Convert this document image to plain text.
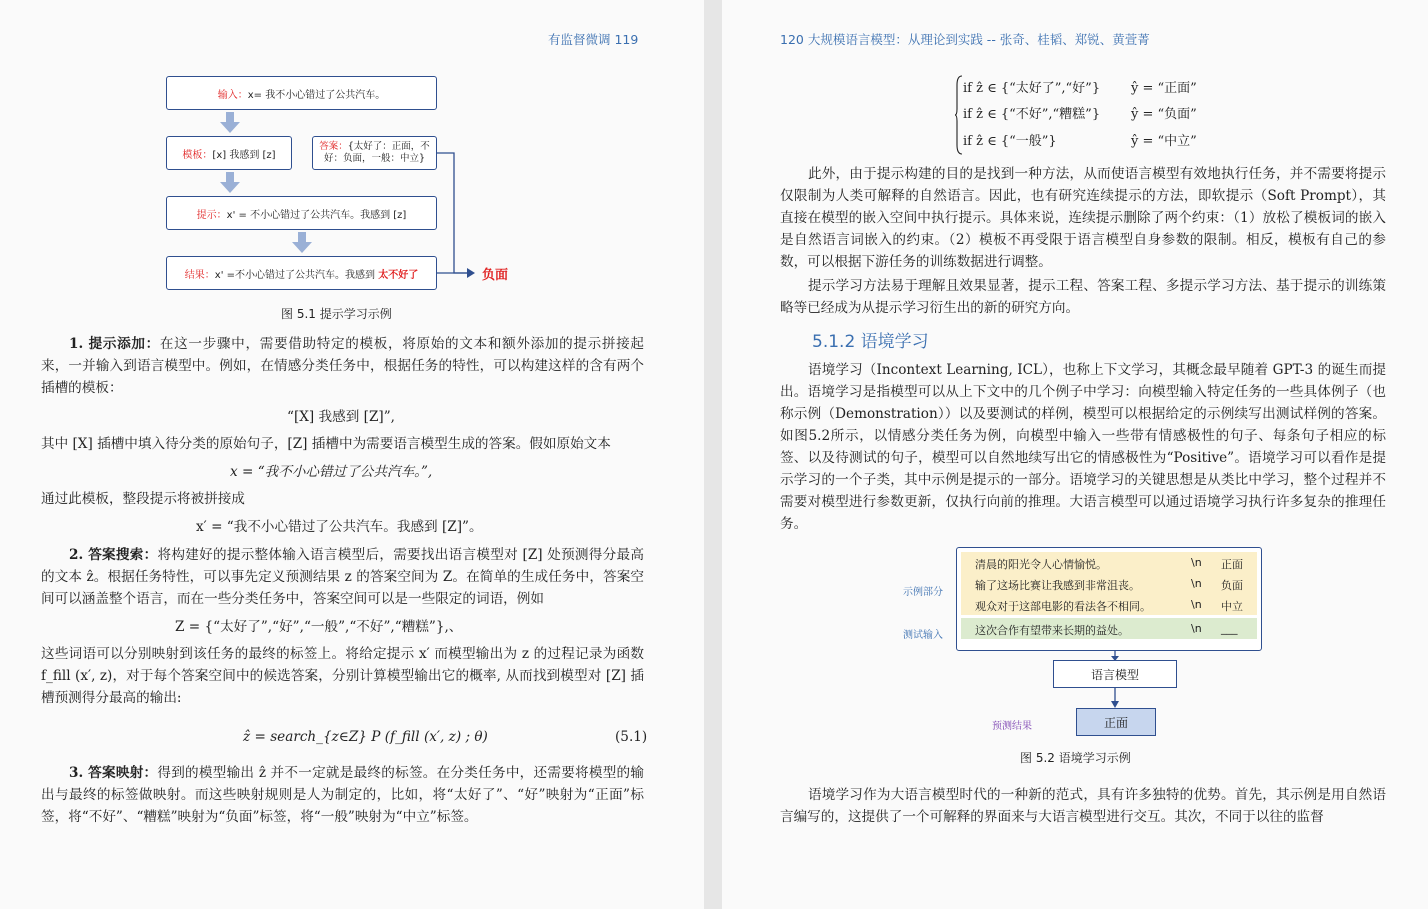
有监督微调 119
输入： x= 我不小心错过了公共汽车。
模板： [x] 我感到 [z]
答案：{太好了：正面，不好：负面，一般：中立}
提示： x' = 不小心错过了公共汽车。我感到 [z]
结果： x' =不小心错过了公共汽车。我感到
太不好了	负面
图 5.1 提示学习示例

1. 提示添加：在这一步骤中，需要借助特定的模板，将原始的文本和额外添加的提示拼接起来，一并输入到语言模型中。例如，在情感分类任务中，根据任务的特性，可以构建这样的含有两个插槽的模板：

“[X] 我感到 [Z]”,

其中 [X] 插槽中填入待分类的原始句子，[Z] 插槽中为需要语言模型生成的答案。假如原始文本

x = “我不小心错过了公共汽车。”,

通过此模板，整段提示将被拼接成

x′ = “我不小心错过了公共汽车。我感到 [Z]”。

2. 答案搜索：将构建好的提示整体输入语言模型后，需要找出语言模型对 [Z] 处预测得分最高的文本 ẑ。根据任务特性，可以事先定义预测结果 z 的答案空间为 Z。在简单的生成任务中，答案空间可以涵盖整个语言，而在一些分类任务中，答案空间可以是一些限定的词语，例如

Z = {“太好了”,“好”,“一般”,“不好”,“糟糕”},、

这些词语可以分别映射到该任务的最终的标签上。将给定提示 x′ 而模型输出为 z 的过程记录为函数 f_fill (x′, z)，对于每个答案空间中的候选答案，分别计算模型输出它的概率, 从而找到模型对 [Z] 插槽预测得分最高的输出:

ẑ = search_{z∈Z} P (f_fill (x′, z) ; θ)	(5.1)

3. 答案映射：得到的模型输出 ẑ 并不一定就是最终的标签。在分类任务中，还需要将模型的输出与最终的标签做映射。而这些映射规则是人为制定的，比如，将“太好了”、“好”映射为“正面”标签，将“不好”、“糟糕”映射为“负面”标签，将“一般”映射为“中立”标签。

120 大规模语言模型：从理论到实践 -- 张奇、桂韬、郑锐、黄萱菁
if ẑ ∈ {“太好了”,“好”} ŷ = “正面”
if ẑ ∈ {“不好”,“糟糕”} ŷ = “负面”
if ẑ ∈ {“一般”}	ŷ = “中立”

此外，由于提示构建的目的是找到一种方法，从而使语言模型有效地执行任务，并不需要将提示仅限制为人类可解释的自然语言。因此，也有研究连续提示的方法，即软提示（Soft Prompt），其直接在模型的嵌入空间中执行提示。具体来说，连续提示删除了两个约束：（1）放松了模板词的嵌入是自然语言词嵌入的约束。（2）模板不再受限于语言模型自身参数的限制。相反，模板有自己的参数，可以根据下游任务的训练数据进行调整。

提示学习方法易于理解且效果显著，提示工程、答案工程、多提示学习方法、基于提示的训练策略等已经成为从提示学习衍生出的新的研究方向。

5.1.2 语境学习

语境学习（Incontext Learning, ICL），也称上下文学习，其概念最早随着 GPT-3 的诞生而提出。语境学习是指模型可以从上下文中的几个例子中学习：向模型输入特定任务的一些具体例子（也称示例（Demonstration））以及要测试的样例，模型可以根据给定的示例续写出测试样例的答案。如图5.2所示，以情感分类任务为例，向模型中输入一些带有情感极性的句子、每条句子相应的标签、以及待测试的句子，模型可以自然地续写出它的情感极性为“Positive”。语境学习可以看作是提示学习的一个子类，其中示例是提示的一部分。语境学习的关键思想是从类比中学习，整个过程并不需要对模型进行参数更新，仅执行向前的推理。大语言模型可以通过语境学习执行许多复杂的推理任务。

示例部分
测试输入
清晨的阳光令人心情愉悦。	\n 正面
输了这场比赛让我感到非常沮丧。	\n 负面
观众对于这部电影的看法各不相同。	\n 中立
这次合作有望带来长期的益处。	\n ___
语言模型
预测结果	正面
图 5.2 语境学习示例

语境学习作为大语言模型时代的一种新的范式，具有许多独特的优势。首先，其示例是用自然语言编写的，这提供了一个可解释的界面来与大语言模型进行交互。其次，不同于以往的监督
